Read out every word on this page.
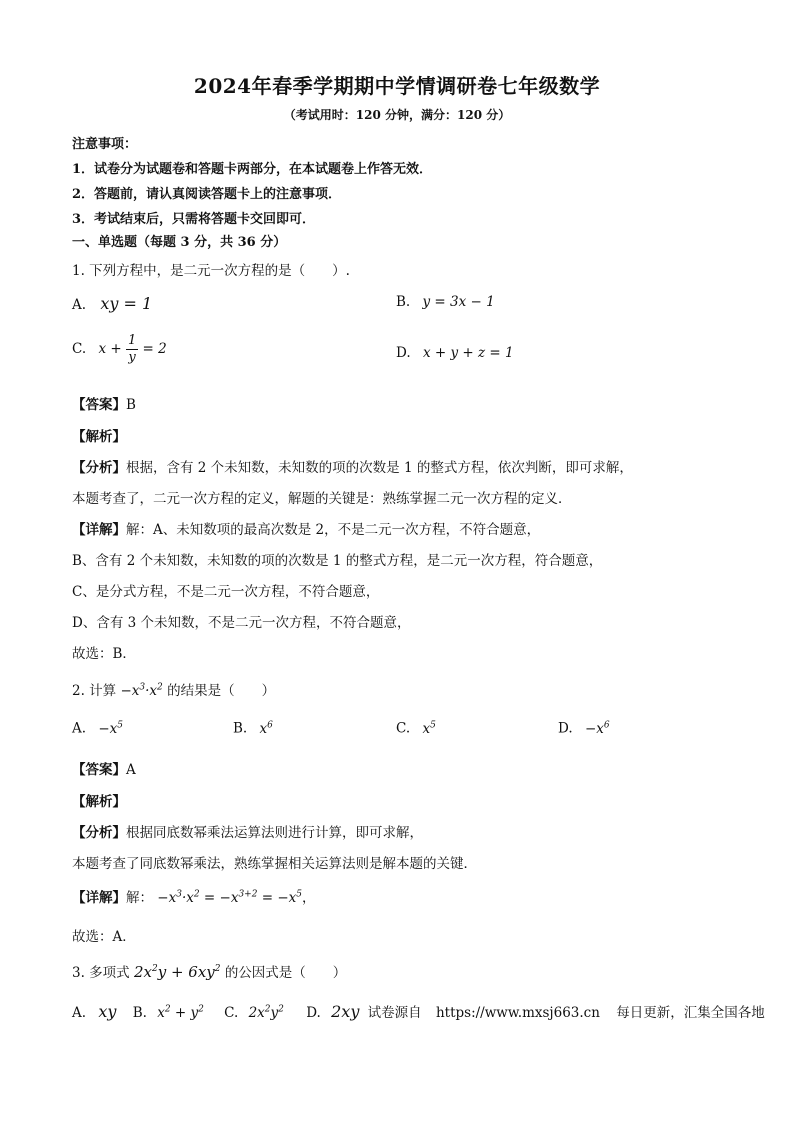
2024年春季学期期中学情调研卷七年级数学
（考试用时：120 分钟，满分：120 分）
注意事项：
1．试卷分为试题卷和答题卡两部分，在本试题卷上作答无效．
2．答题前，请认真阅读答题卡上的注意事项．
3．考试结束后，只需将答题卡交回即可．
一、单选题（每题 3 分，共 36 分）
1. 下列方程中，是二元一次方程的是（　　）.
A. xy = 1	B. y = 3x − 1
C. $x + \frac{1}{y} = 2$	D. x + y + z = 1
【答案】B
【解析】
【分析】根据，含有 2 个未知数，未知数的项的次数是 1 的整式方程，依次判断，即可求解，
本题考查了，二元一次方程的定义，解题的关键是：熟练掌握二元一次方程的定义．
【详解】解：A、未知数项的最高次数是 2，不是二元一次方程，不符合题意，
B、含有 2 个未知数，未知数的项的次数是 1 的整式方程，是二元一次方程，符合题意，
C、是分式方程，不是二元一次方程，不符合题意，
D、含有 3 个未知数，不是二元一次方程，不符合题意，
故选：B．
2. 计算 $-x^3\cdot x^2$ 的结果是（　　）
A. $-x^5$	B. $x^6$	C. $x^5$	D. $-x^6$
【答案】A
【解析】
【分析】根据同底数幂乘法运算法则进行计算，即可求解，
本题考查了同底数幂乘法，熟练掌握相关运算法则是解本题的关键．
【详解】解： $-x^3\cdot x^2 = -x^{3+2} = -x^5$，
故选：A．
3. 多项式 $2x^2y + 6xy^2$ 的公因式是（　　）
A. xy B. $x^2 + y^2$ C. $2x^2y^2$ D. 2xy 试卷源自 https://www.mxsj663.cn 每日更新，汇集全国各地
